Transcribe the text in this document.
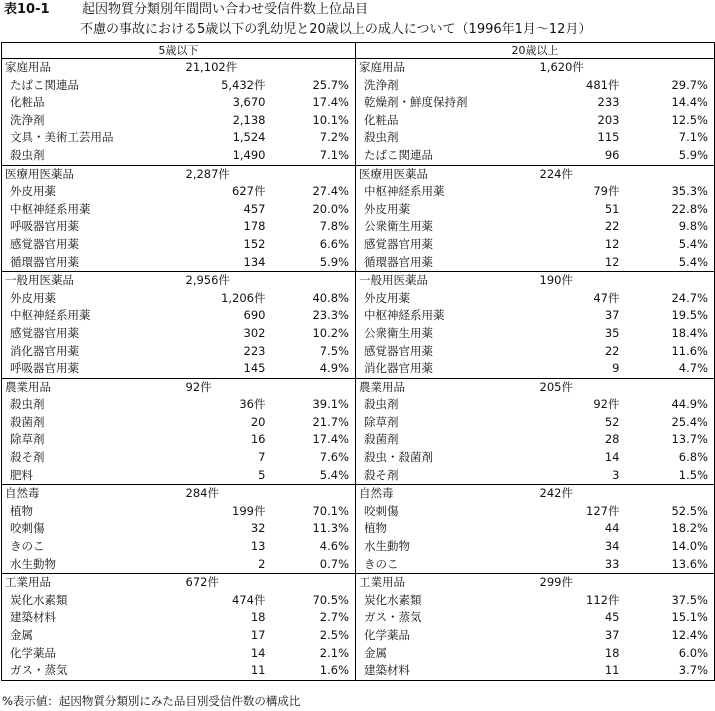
表10-1 起因物質分類別年間問い合わせ受信件数上位品目
不慮の事故における5歳以下の乳幼児と20歳以上の成人について（1996年1月～12月）
5歳以下				20歳以上			
家庭用品		21,102件		家庭用品		1,620件	
たばこ関連品		5,432件	25.7%	洗浄剤		481件	29.7%
化粧品		3,670	17.4%	乾燥剤・鮮度保持剤		233	14.4%
洗浄剤		2,138	10.1%	化粧品		203	12.5%
文具・美術工芸用品		1,524	7.2%	殺虫剤		115	7.1%
殺虫剤		1,490	7.1%	たばこ関連品		96	5.9%
医療用医薬品		2,287件		医療用医薬品		224件	
外皮用薬		627件	27.4%	中枢神経系用薬		79件	35.3%
中枢神経系用薬		457	20.0%	外皮用薬		51	22.8%
呼吸器官用薬		178	7.8%	公衆衛生用薬		22	9.8%
感覚器官用薬		152	6.6%	感覚器官用薬		12	5.4%
循環器官用薬		134	5.9%	循環器官用薬		12	5.4%
一般用医薬品		2,956件		一般用医薬品		190件	
外皮用薬		1,206件	40.8%	外皮用薬		47件	24.7%
中枢神経系用薬		690	23.3%	中枢神経系用薬		37	19.5%
感覚器官用薬		302	10.2%	公衆衛生用薬		35	18.4%
消化器官用薬		223	7.5%	感覚器官用薬		22	11.6%
呼吸器官用薬		145	4.9%	消化器官用薬		9	4.7%
農業用品		92件		農業用品		205件	
殺虫剤		36件	39.1%	殺虫剤		92件	44.9%
殺菌剤		20	21.7%	除草剤		52	25.4%
除草剤		16	17.4%	殺菌剤		28	13.7%
殺そ剤		7	7.6%	殺虫・殺菌剤		14	6.8%
肥料		5	5.4%	殺そ剤		3	1.5%
自然毒		284件		自然毒		242件	
植物		199件	70.1%	咬刺傷		127件	52.5%
咬刺傷		32	11.3%	植物		44	18.2%
きのこ		13	4.6%	水生動物		34	14.0%
水生動物		2	0.7%	きのこ		33	13.6%
工業用品		672件		工業用品		299件	
炭化水素類		474件	70.5%	炭化水素類		112件	37.5%
建築材料		18	2.7%	ガス・蒸気		45	15.1%
金属		17	2.5%	化学薬品		37	12.4%
化学薬品		14	2.1%	金属		18	6.0%
ガス・蒸気		11	1.6%	建築材料		11	3.7%
%表示値：起因物質分類別にみた品目別受信件数の構成比
